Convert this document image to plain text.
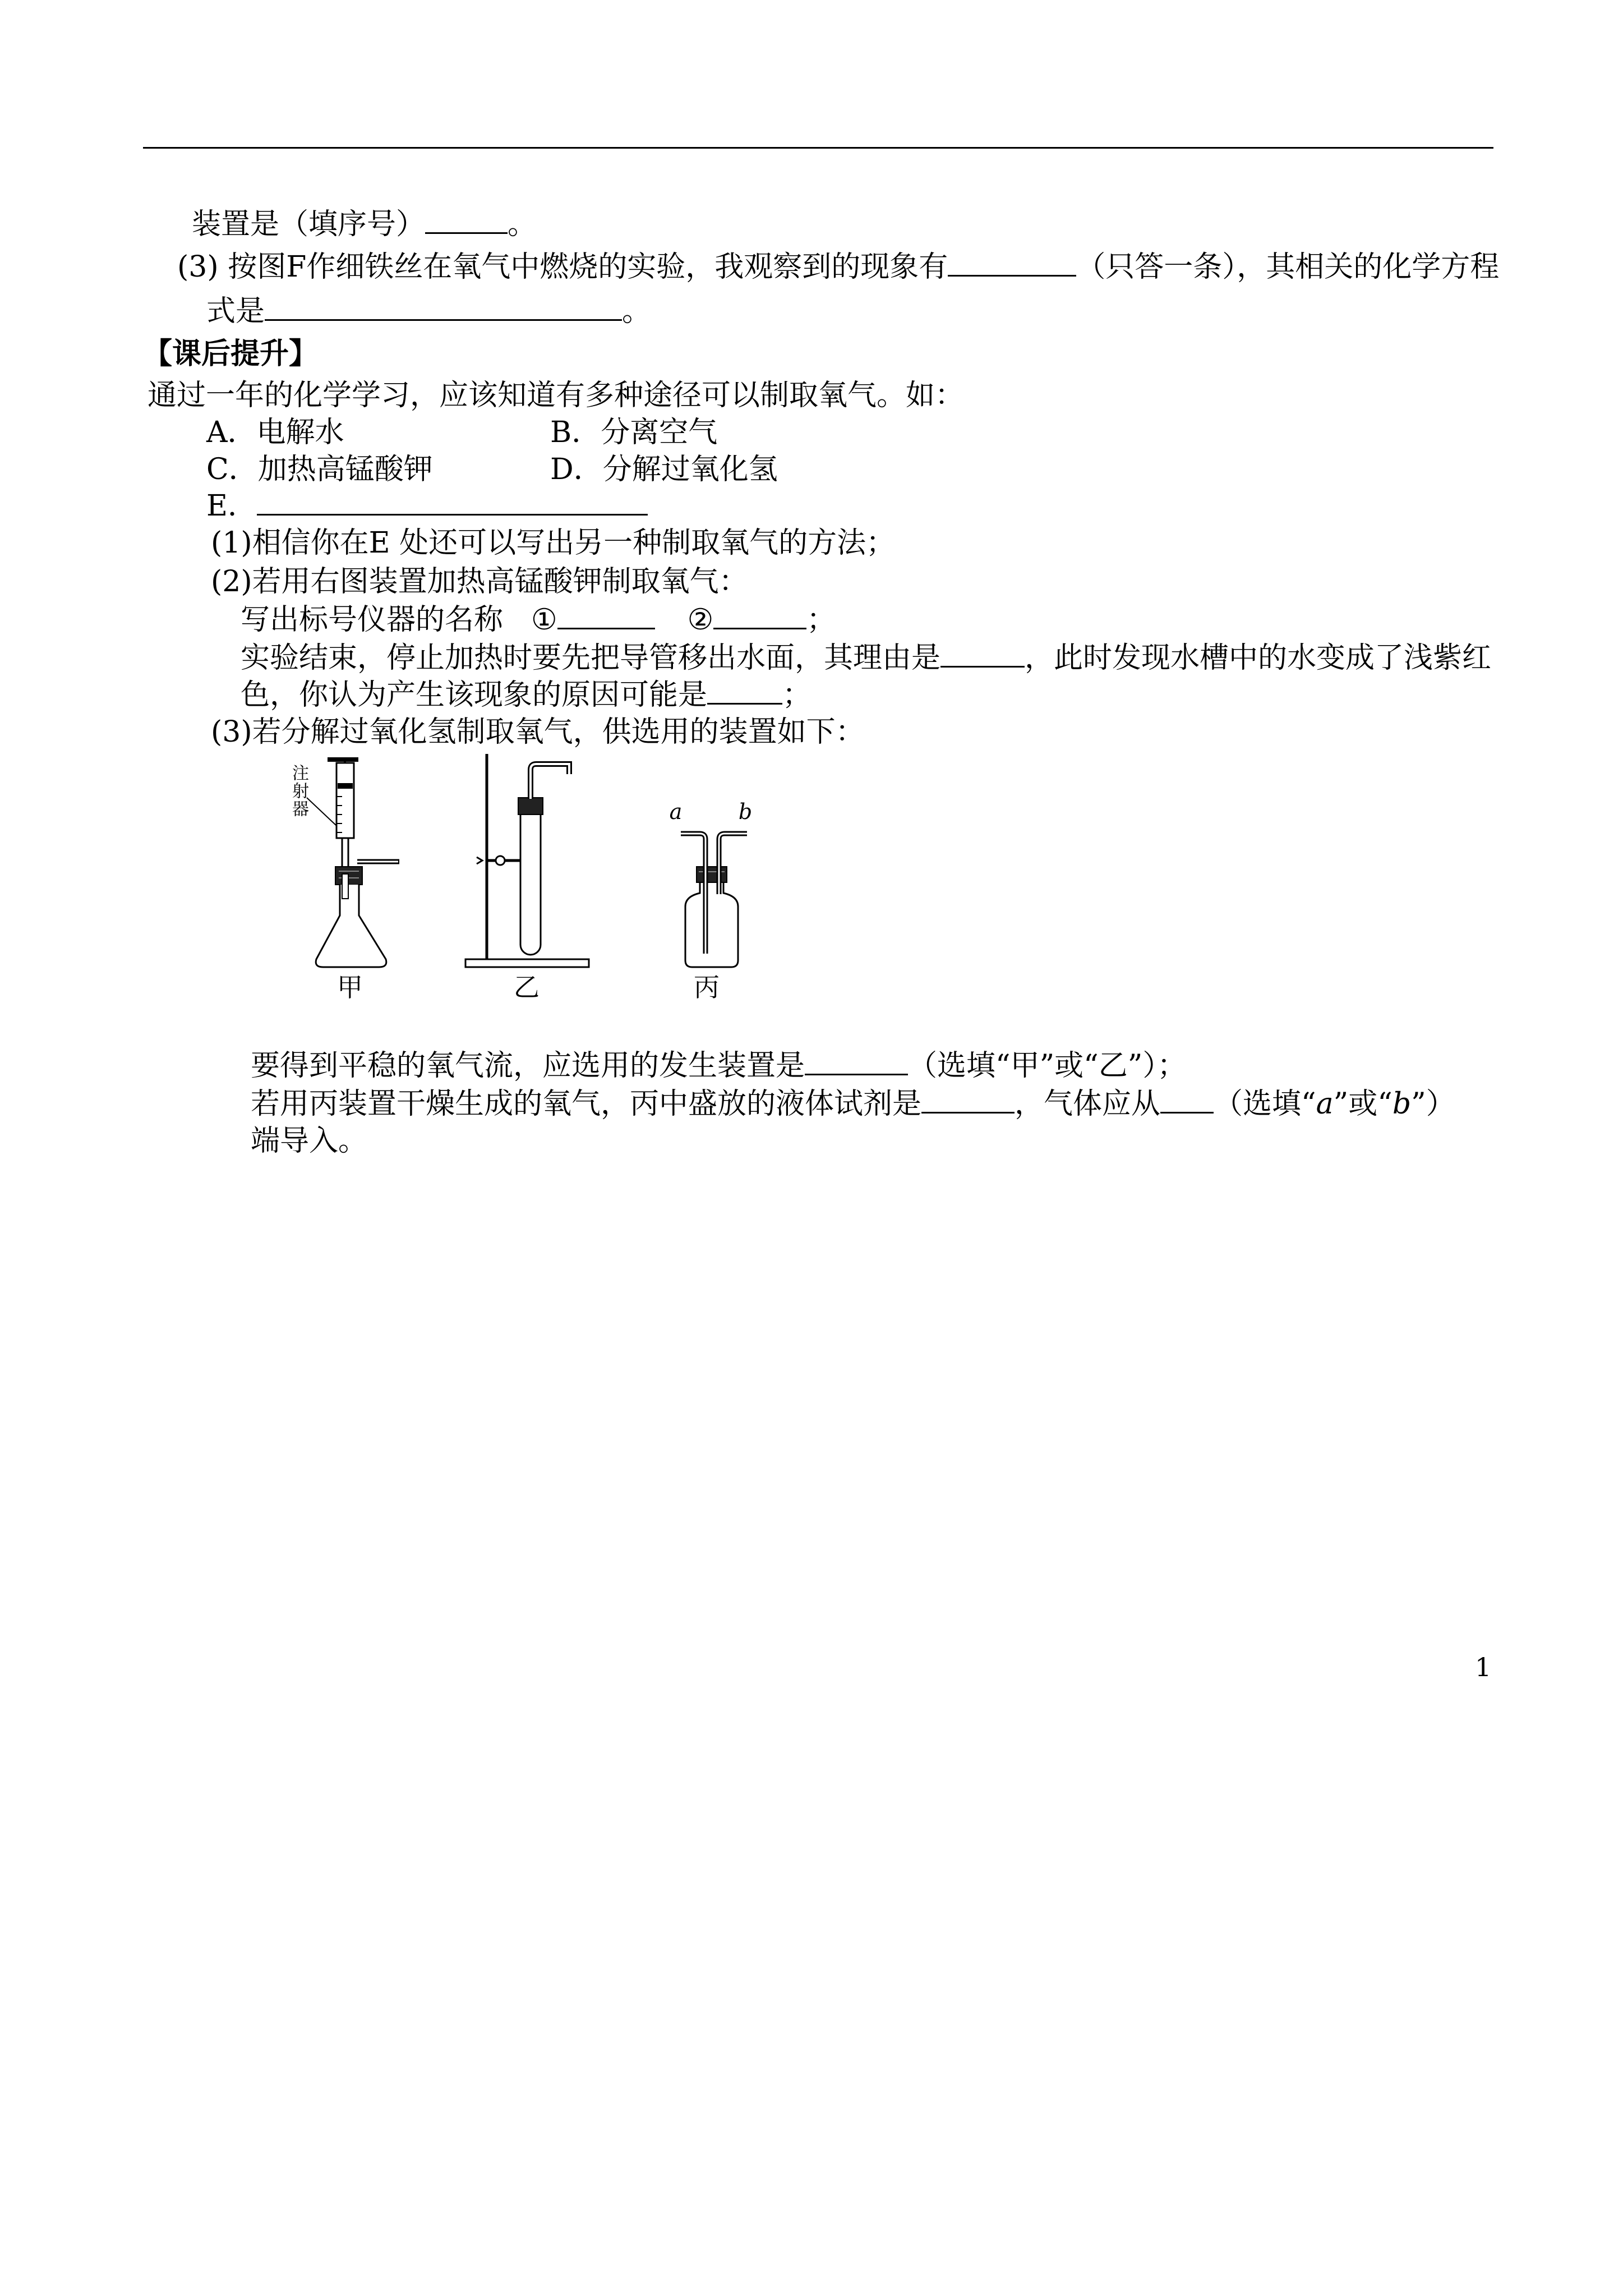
装置是（填序号）	。
(3) 按图F作细铁丝在氧气中燃烧的实验，我观察到的现象有	（只答一条），其相关的化学方程
式是	。
【课后提升】
通过一年的化学学习，应该知道有多种途径可以制取氧气。如：
A．电解水	B．分离空气
C．加热高锰酸钾	D．分解过氧化氢
E．
(1)相信你在E 处还可以写出另一种制取氧气的方法；
(2)若用右图装置加热高锰酸钾制取氧气：
写出标号仪器的名称 ①	②	；
实验结束，停止加热时要先把导管移出水面，其理由是	，此时发现水槽中的水变成了浅紫红
色，你认为产生该现象的原因可能是	；
(3)若分解过氧化氢制取氧气，供选用的装置如下：
注射器
甲	乙
a	b
丙
要得到平稳的氧气流，应选用的发生装置是	（选填“甲”或“乙”）；
若用丙装置干燥生成的氧气，丙中盛放的液体试剂是	，气体应从 （选填“a”或“b”）
端导入。
1
